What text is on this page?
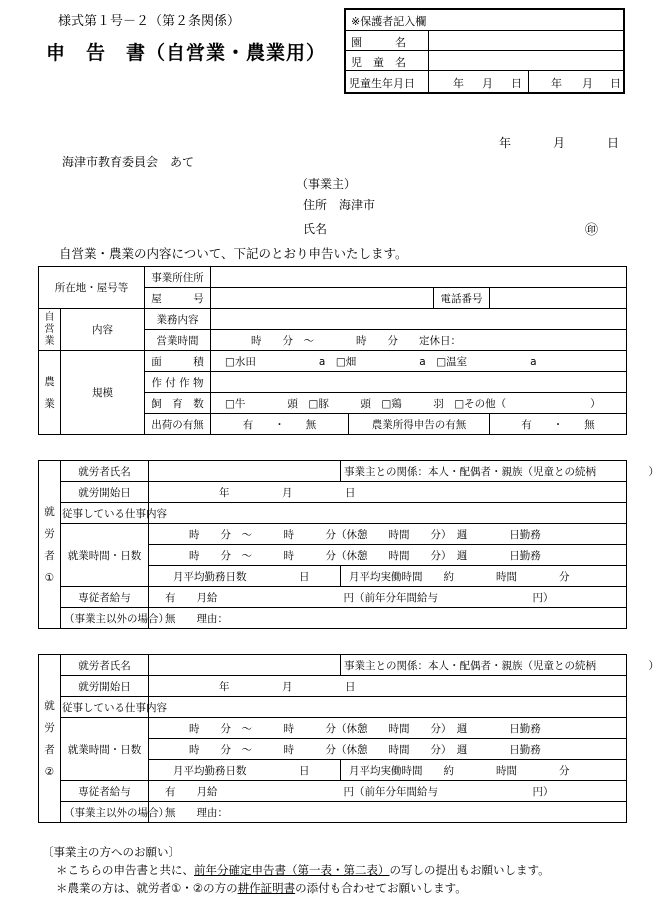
様式第１号－２（第２条関係）
申　告　書（自営業・農業用）
※保護者記入欄
園　　　名
児　童　名
児童生年月日	年 月 日	年 月 日
年	月	日
海津市教育委員会　あて
（事業主）
住所　海津市
氏名	㊞
自営業・農業の内容について、下記のとおり申告いたします。
所在地・屋号等		事業所住所				
		屋　　　号			電話番号	
自営業	内容	業務内容				
		営業時間	時　　分　～　　　　時　　分　　定休日：			
農業	規模	面　　　積	□水田　　　　　　a　□畑　　　　　　a　□温室　　　　　　a			
		作 付 作 物				
		飼　育　数	□牛　　　　頭　□豚　　　頭　□鶏　　　羽　□その他（　　　　　　　　）			
		出荷の有無	有　　・　　無	農業所得申告の有無		有　　・　　無
就労者①	就労者氏名		事業主との関係：本人・配偶者・親族（児童との続柄　　　　　）
	就労開始日	年　　　　　月　　　　　日	
	従事している仕事内容		
	就業時間・日数	時　　分　～　　　時　　　分（休憩　　時間　　分）　週　　　　日勤務	
		時　　分　～　　　時　　　分（休憩　　時間　　分）　週　　　　日勤務	
		月平均勤務日数　　　　　日	月平均実働時間　　約　　　　時間　　　　分
	専従者給与	有　　月給　　　　　　　　　　　　円（前年分年間給与　　　　　　　　　円）	
	（事業主以外の場合）	無　　理由：	
就労者②	就労者氏名		事業主との関係：本人・配偶者・親族（児童との続柄　　　　　）
	就労開始日	年　　　　　月　　　　　日	
	従事している仕事内容		
	就業時間・日数	時　　分　～　　　時　　　分（休憩　　時間　　分）　週　　　　日勤務	
		時　　分　～　　　時　　　分（休憩　　時間　　分）　週　　　　日勤務	
		月平均勤務日数　　　　　日	月平均実働時間　　約　　　　時間　　　　分
	専従者給与	有　　月給　　　　　　　　　　　　円（前年分年間給与　　　　　　　　　円）	
	（事業主以外の場合）	無　　理由：	
〔事業主の方へのお願い〕
＊こちらの申告書と共に、前年分確定申告書（第一表・第二表）の写しの提出もお願いします。
＊農業の方は、就労者①・②の方の耕作証明書の添付も合わせてお願いします。
